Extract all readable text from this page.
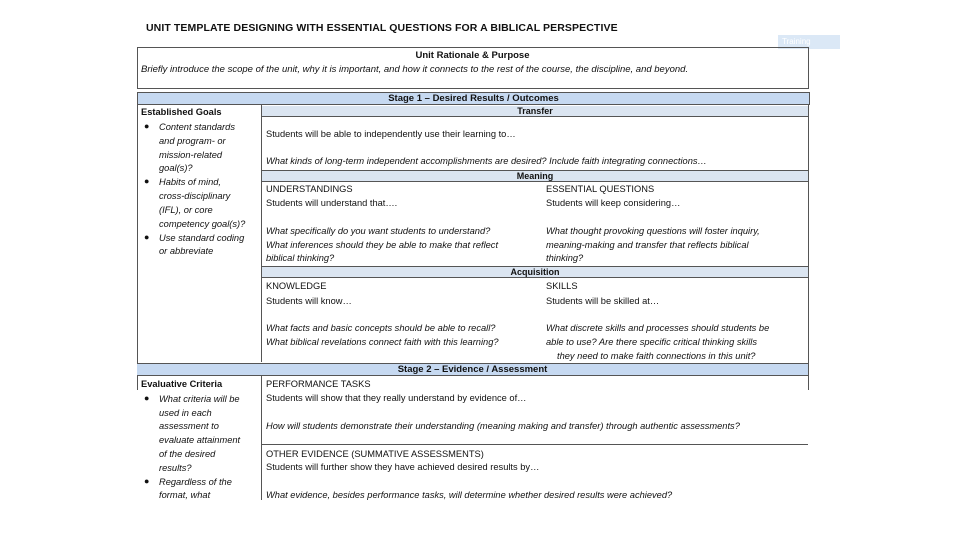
UNIT TEMPLATE DESIGNING WITH ESSENTIAL QUESTIONS FOR A BIBLICAL PERSPECTIVE
Training
Unit Rationale & Purpose
Briefly introduce the scope of the unit, why it is important, and how it connects to the rest of the course, the discipline, and beyond.
Stage 1 – Desired Results / Outcomes
Established Goals
● Content standards
and program- or
mission-related
goal(s)?
● Habits of mind,
cross-disciplinary
(IFL), or core
competency goal(s)?
● Use standard coding
or abbreviate
Transfer
Students will be able to independently use their learning to…
What kinds of long-term independent accomplishments are desired? Include faith integrating connections…
Meaning
UNDERSTANDINGS
Students will understand that….
What specifically do you want students to understand?
What inferences should they be able to make that reflect
biblical thinking?
ESSENTIAL QUESTIONS
Students will keep considering…
What thought provoking questions will foster inquiry,
meaning-making and transfer that reflects biblical
thinking?
Acquisition
KNOWLEDGE
Students will know…
What facts and basic concepts should be able to recall?
What biblical revelations connect faith with this learning?
SKILLS
Students will be skilled at…
What discrete skills and processes should students be
able to use? Are there specific critical thinking skills
they need to make faith connections in this unit?
Stage 2 – Evidence / Assessment
Evaluative Criteria
● What criteria will be
used in each
assessment to
evaluate attainment
of the desired
results?
● Regardless of the
format, what
PERFORMANCE TASKS
Students will show that they really understand by evidence of…
How will students demonstrate their understanding (meaning making and transfer) through authentic assessments?
OTHER EVIDENCE (SUMMATIVE ASSESSMENTS)
Students will further show they have achieved desired results by…
What evidence, besides performance tasks, will determine whether desired results were achieved?
